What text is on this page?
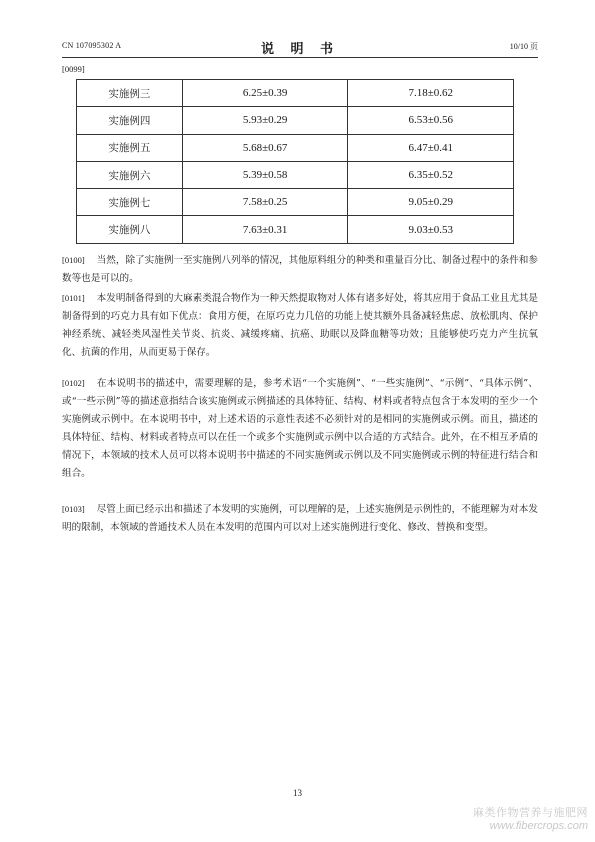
CN 107095302 A	说 明 书	10/10 页
[0099]
实施例三	6.25±0.39	7.18±0.62
实施例四	5.93±0.29	6.53±0.56
实施例五	5.68±0.67	6.47±0.41
实施例六	5.39±0.58	6.35±0.52
实施例七	7.58±0.25	9.05±0.29
实施例八	7.63±0.31	9.03±0.53
[0100] 当然，除了实施例一至实施例八列举的情况，其他原料组分的种类和重量百分比、制备过程中的条件和参数等也是可以的。
[0101] 本发明制备得到的大麻素类混合物作为一种天然提取物对人体有诸多好处，将其应用于食品工业且尤其是制备得到的巧克力具有如下优点：食用方便，在原巧克力几倍的功能上使其额外具备减轻焦虑、放松肌肉、保护神经系统、减轻类风湿性关节炎、抗炎、减缓疼痛、抗癌、助眠以及降血糖等功效；且能够使巧克力产生抗氧化、抗菌的作用，从而更易于保存。
[0102] 在本说明书的描述中，需要理解的是，参考术语“一个实施例”、“一些实施例”、“示例”、“具体示例”、或“一些示例”等的描述意指结合该实施例或示例描述的具体特征、结构、材料或者特点包含于本发明的至少一个实施例或示例中。在本说明书中，对上述术语的示意性表述不必须针对的是相同的实施例或示例。而且，描述的具体特征、结构、材料或者特点可以在任一个或多个实施例或示例中以合适的方式结合。此外，在不相互矛盾的情况下，本领域的技术人员可以将本说明书中描述的不同实施例或示例以及不同实施例或示例的特征进行结合和组合。
[0103] 尽管上面已经示出和描述了本发明的实施例，可以理解的是，上述实施例是示例性的，不能理解为对本发明的限制，本领域的普通技术人员在本发明的范围内可以对上述实施例进行变化、修改、替换和变型。
13
麻类作物营养与施肥网
www.fibercrops.com
